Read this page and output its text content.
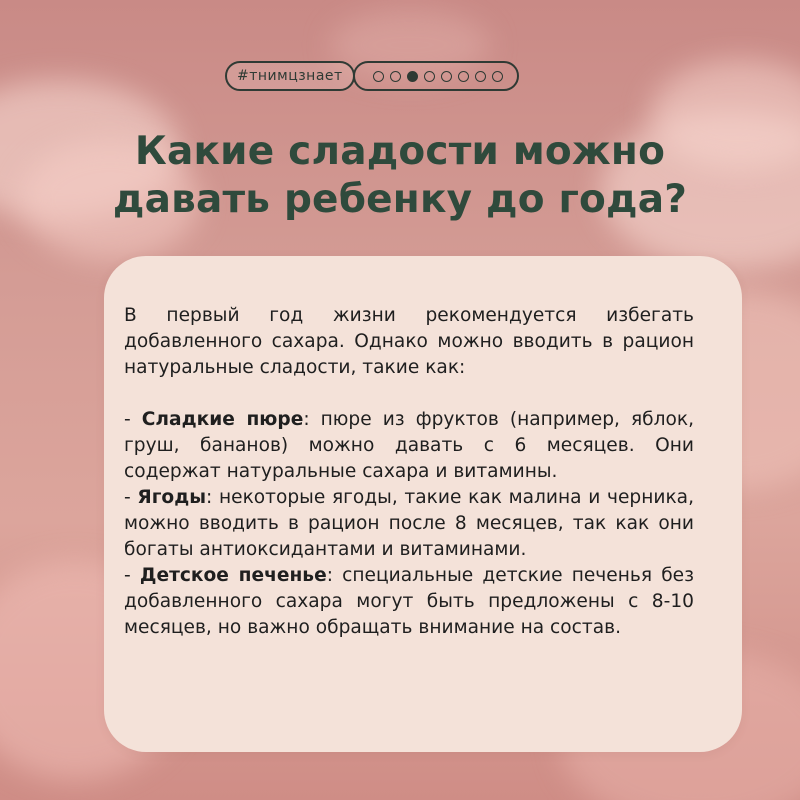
#тнимцзнает
Какие сладости можно
давать ребенку до года?

В первый год жизни рекомендуется избегать добавленного сахара. Однако можно вводить в рацион натуральные сладости, такие как:

- Сладкие пюре: пюре из фруктов (например, яблок, груш, бананов) можно давать с 6 месяцев. Они содержат натуральные сахара и витамины.

- Ягоды: некоторые ягоды, такие как малина и черника, можно вводить в рацион после 8 месяцев, так как они богаты антиоксидантами и витаминами.

- Детское печенье: специальные детские печенья без добавленного сахара могут быть предложены с 8-10 месяцев, но важно обращать внимание на состав.
